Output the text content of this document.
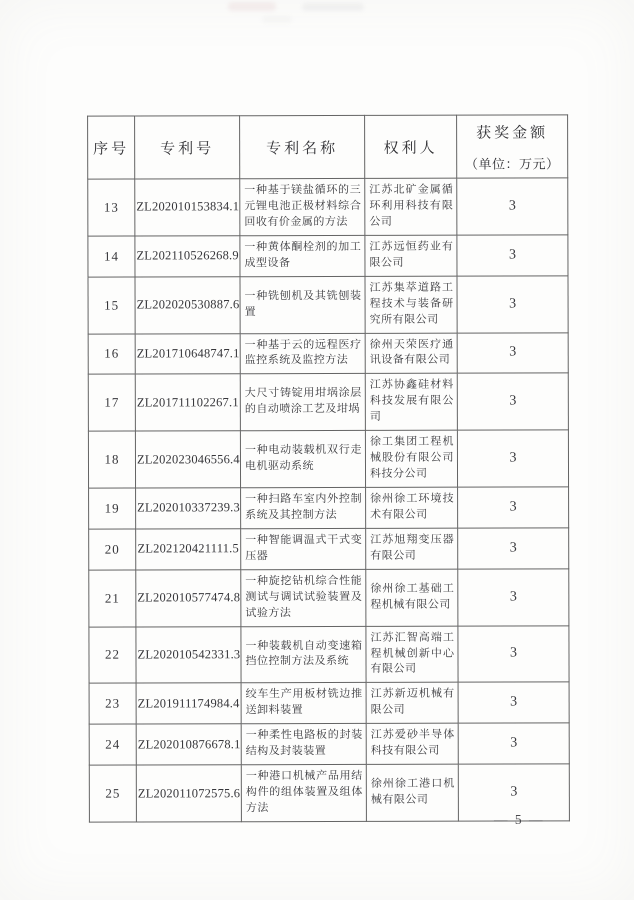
序号	专利号	专利名称	权利人	获奖金额
（单位：万元）

13	ZL202010153834.1	一种基于镁盐循环的三元锂电池正极材料综合回收有价金属的方法	江苏北矿金属循环利用科技有限公司	3
14	ZL202110526268.9	一种黄体酮栓剂的加工成型设备	江苏远恒药业有限公司	3
15	ZL202020530887.6	一种铣刨机及其铣刨装置	江苏集萃道路工程技术与装备研究所有限公司	3
16	ZL201710648747.1	一种基于云的远程医疗监控系统及监控方法	徐州天荣医疗通讯设备有限公司	3
17	ZL201711102267.1	大尺寸铸锭用坩埚涂层的自动喷涂工艺及坩埚	江苏协鑫硅材料科技发展有限公司	3
18	ZL202023046556.4	一种电动装载机双行走电机驱动系统	徐工集团工程机械股份有限公司科技分公司	3
19	ZL202010337239.3	一种扫路车室内外控制系统及其控制方法	徐州徐工环境技术有限公司	3
20	ZL202120421111.5	一种智能调温式干式变压器	江苏旭翔变压器有限公司	3
21	ZL202010577474.8	一种旋挖钻机综合性能测试与调试试验装置及试验方法	徐州徐工基础工程机械有限公司	3
22	ZL202010542331.3	一种装载机自动变速箱挡位控制方法及系统	江苏汇智高端工程机械创新中心有限公司	3
23	ZL201911174984.4	绞车生产用板材铣边推送卸料装置	江苏新迈机械有限公司	3
24	ZL202010876678.1	一种柔性电路板的封装结构及封装装置	江苏爱砂半导体科技有限公司	3
25	ZL202011072575.6	一种港口机械产品用结构件的组体装置及组体方法	徐州徐工港口机械有限公司	3
— 5 —
